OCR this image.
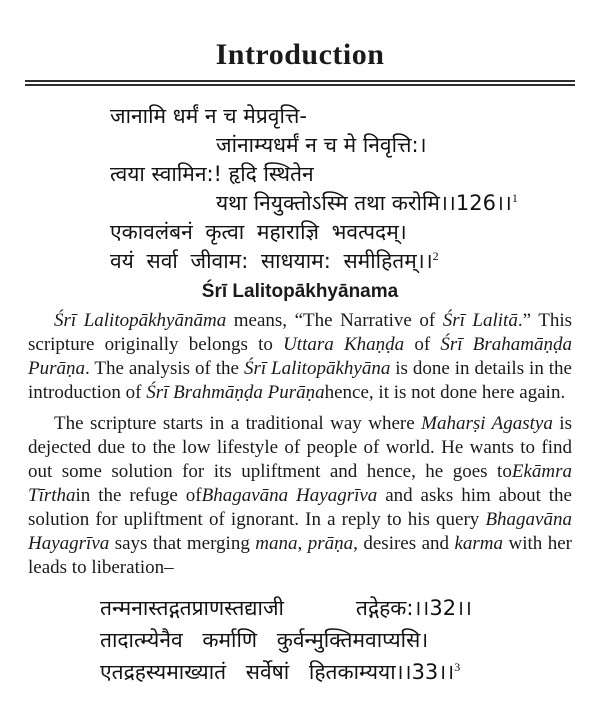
Introduction
जानामि धर्मं न च मेप्रवृत्ति-
जांनाम्यधर्मं न च मे निवृत्ति:।
त्वया स्वामिन:! हृदि स्थितेन
यथा नियुक्तोऽस्मि तथा करोमि।।126।।$^1$
एकावलंबनं कृत्वा महाराज्ञि भवत्पदम्।
वयं सर्वा जीवाम: साधयाम: समीहितम्।।$^2$
Śrī Lalitopākhyānama

Śrī Lalitopākhyānāma means, “The Narrative of Śrī Lalitā.” This scripture originally belongs to Uttara Khaṇḍa of Śrī Brahamāṇḍa Purāṇa. The analysis of the Śrī Lalitopākhyāna is done in details in the introduction of Śrī Brahmāṇḍa Purāṇahence, it is not done here again.

The scripture starts in a traditional way where Maharṣi Agastya is dejected due to the low lifestyle of people of world. He wants to find out some solution for its upliftment and hence, he goes toEkāmra Tīrthain the refuge ofBhagavāna Hayagrīva and asks him about the solution for upliftment of ignorant. In a reply to his query Bhagavāna Hayagrīva says that merging mana, prāṇa, desires and karma with her leads to liberation–

तन्मनास्तद्गतप्राणस्तद्याजी	तद्गेहक:।।32।।
तादात्म्येनैव कर्माणि कुर्वन्मुक्तिमवाप्यसि।
एतद्रहस्यमाख्यातं सर्वेषां हितकाम्यया।।33।।$^3$
